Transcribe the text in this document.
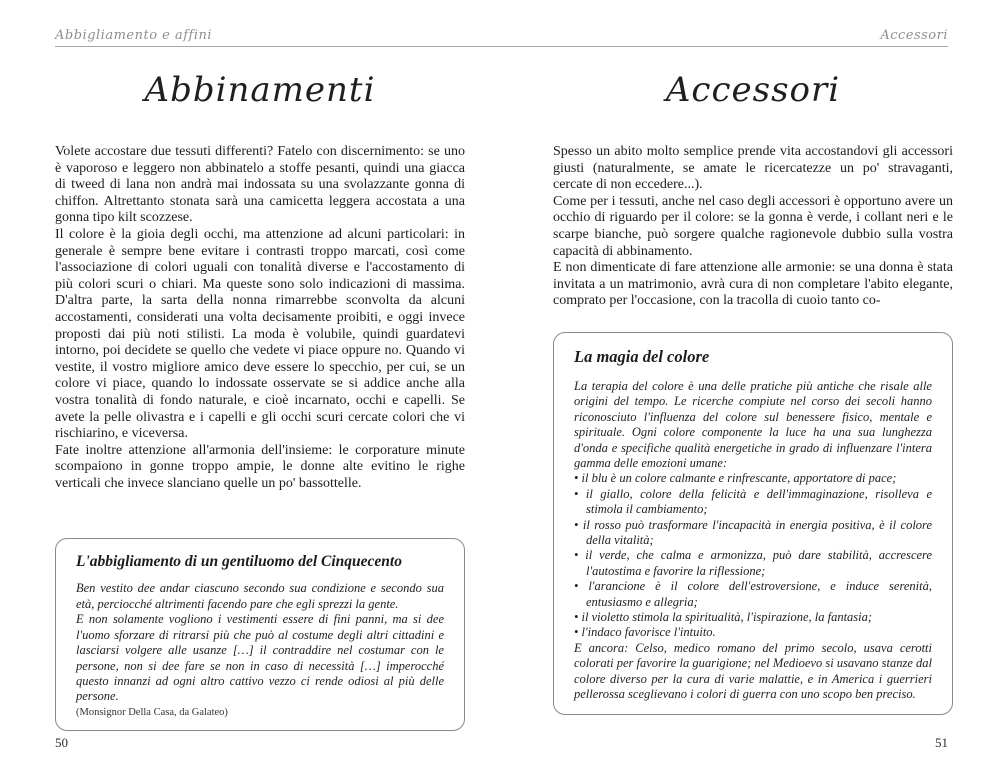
Abbigliamento e affini	Accessori
Abbinamenti

Volete accostare due tessuti differenti? Fatelo con discernimento: se uno è vaporoso e leggero non abbinatelo a stoffe pesanti, quindi una giacca di tweed di lana non andrà mai indossata su una svolazzante gonna di chiffon. Altrettanto stonata sarà una camicetta leggera accostata a una gonna tipo kilt scozzese.

Il colore è la gioia degli occhi, ma attenzione ad alcuni particolari: in generale è sempre bene evitare i contrasti troppo marcati, così come l'associazione di colori uguali con tonalità diverse e l'accostamento di più colori scuri o chiari. Ma queste sono solo indicazioni di massima. D'altra parte, la sarta della nonna rimarrebbe sconvolta da alcuni accostamenti, considerati una volta decisamente proibiti, e oggi invece proposti dai più noti stilisti. La moda è volubile, quindi guardatevi intorno, poi decidete se quello che vedete vi piace oppure no. Quando vi vestite, il vostro migliore amico deve essere lo specchio, per cui, se un colore vi piace, quando lo indossate osservate se si addice anche alla vostra tonalità di fondo naturale, e cioè incarnato, occhi e capelli. Se avete la pelle olivastra e i capelli e gli occhi scuri cercate colori che vi rischiarino, e viceversa.

Fate inoltre attenzione all'armonia dell'insieme: le corporature minute scompaiono in gonne troppo ampie, le donne alte evitino le righe verticali che invece slanciano quelle un po' bassottelle.

L'abbigliamento di un gentiluomo del Cinquecento

Ben vestito dee andar ciascuno secondo sua condizione e secondo sua età, perciocché altrimenti facendo pare che egli sprezzi la gente.

E non solamente vogliono i vestimenti essere di fini panni, ma si dee l'uomo sforzare di ritrarsi più che può al costume degli altri cittadini e lasciarsi volgere alle usanze […] il contraddire nel costumar con le persone, non si dee fare se non in caso di necessità […] imperocché questo innanzi ad ogni altro cattivo vezzo ci rende odiosi al più delle persone.

(Monsignor Della Casa, da Galateo)

Accessori

Spesso un abito molto semplice prende vita accostandovi gli accessori giusti (naturalmente, se amate le ricercatezze un po' stravaganti, cercate di non eccedere...).

Come per i tessuti, anche nel caso degli accessori è opportuno avere un occhio di riguardo per il colore: se la gonna è verde, i collant neri e le scarpe bianche, può sorgere qualche ragionevole dubbio sulla vostra capacità di abbinamento.

E non dimenticate di fare attenzione alle armonie: se una donna è stata invitata a un matrimonio, avrà cura di non completare l'abito elegante, comprato per l'occasione, con la tracolla di cuoio tanto co-

La magia del colore

La terapia del colore è una delle pratiche più antiche che risale alle origini del tempo. Le ricerche compiute nel corso dei secoli hanno riconosciuto l'influenza del colore sul benessere fisico, mentale e spirituale. Ogni colore componente la luce ha una sua lunghezza d'onda e specifiche qualità energetiche in grado di influenzare l'intera gamma delle emozioni umane:

• il blu è un colore calmante e rinfrescante, apportatore di pace;
• il giallo, colore della felicità e dell'immaginazione, risolleva e stimola il cambiamento;
• il rosso può trasformare l'incapacità in energia positiva, è il colore della vitalità;
• il verde, che calma e armonizza, può dare stabilità, accrescere l'autostima e favorire la riflessione;
• l'arancione è il colore dell'estroversione, e induce serenità, entusiasmo e allegria;
• il violetto stimola la spiritualità, l'ispirazione, la fantasia;
• l'indaco favorisce l'intuito.

E ancora: Celso, medico romano del primo secolo, usava cerotti colorati per favorire la guarigione; nel Medioevo si usavano stanze dal colore diverso per la cura di varie malattie, e in America i guerrieri pellerossa sceglievano i colori di guerra con uno scopo ben preciso.

50	51
